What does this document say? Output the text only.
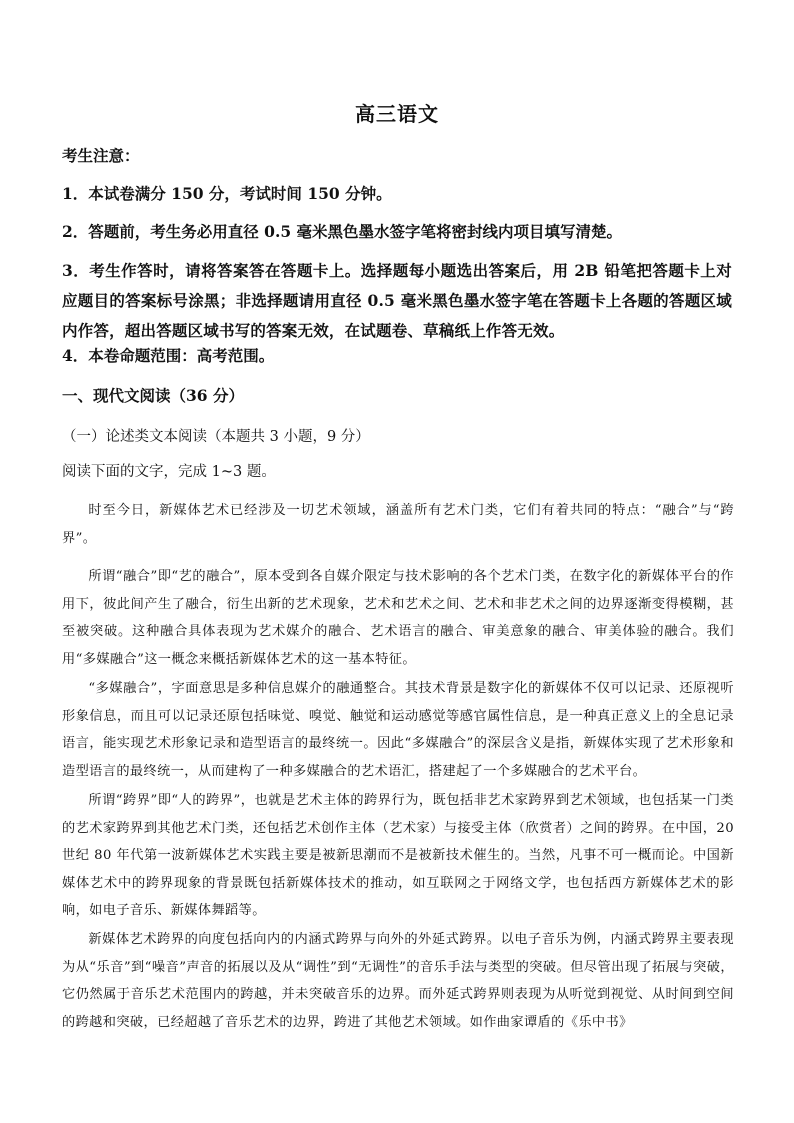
高三语文
考生注意：
1．本试卷满分 150 分，考试时间 150 分钟。
2．答题前，考生务必用直径 0.5 毫米黑色墨水签字笔将密封线内项目填写清楚。
3．考生作答时，请将答案答在答题卡上。选择题每小题选出答案后，用 2B 铅笔把答题卡上对应题目的答案标号涂黑；非选择题请用直径 0.5 毫米黑色墨水签字笔在答题卡上各题的答题区域内作答，超出答题区域书写的答案无效，在试题卷、草稿纸上作答无效。
4．本卷命题范围：高考范围。
一、现代文阅读（36 分）
（一）论述类文本阅读（本题共 3 小题，9 分）
阅读下面的文字，完成 1~3 题。
时至今日，新媒体艺术已经涉及一切艺术领域，涵盖所有艺术门类，它们有着共同的特点：“融合”与“跨界”。
所谓“融合”即“艺的融合”，原本受到各自媒介限定与技术影响的各个艺术门类，在数字化的新媒体平台的作用下，彼此间产生了融合，衍生出新的艺术现象，艺术和艺术之间、艺术和非艺术之间的边界逐渐变得模糊，甚至被突破。这种融合具体表现为艺术媒介的融合、艺术语言的融合、审美意象的融合、审美体验的融合。我们用“多媒融合”这一概念来概括新媒体艺术的这一基本特征。
“多媒融合”，字面意思是多种信息媒介的融通整合。其技术背景是数字化的新媒体不仅可以记录、还原视听形象信息，而且可以记录还原包括味觉、嗅觉、触觉和运动感觉等感官属性信息，是一种真正意义上的全息记录语言，能实现艺术形象记录和造型语言的最终统一。因此“多媒融合”的深层含义是指，新媒体实现了艺术形象和造型语言的最终统一，从而建构了一种多媒融合的艺术语汇，搭建起了一个多媒融合的艺术平台。
所谓“跨界”即“人的跨界”，也就是艺术主体的跨界行为，既包括非艺术家跨界到艺术领域，也包括某一门类的艺术家跨界到其他艺术门类，还包括艺术创作主体（艺术家）与接受主体（欣赏者）之间的跨界。在中国，20 世纪 80 年代第一波新媒体艺术实践主要是被新思潮而不是被新技术催生的。当然，凡事不可一概而论。中国新媒体艺术中的跨界现象的背景既包括新媒体技术的推动，如互联网之于网络文学，也包括西方新媒体艺术的影响，如电子音乐、新媒体舞蹈等。
新媒体艺术跨界的向度包括向内的内涵式跨界与向外的外延式跨界。以电子音乐为例，内涵式跨界主要表现为从“乐音”到“噪音”声音的拓展以及从“调性”到“无调性”的音乐手法与类型的突破。但尽管出现了拓展与突破，它仍然属于音乐艺术范围内的跨越，并未突破音乐的边界。而外延式跨界则表现为从听觉到视觉、从时间到空间的跨越和突破，已经超越了音乐艺术的边界，跨进了其他艺术领域。如作曲家谭盾的《乐中书》
